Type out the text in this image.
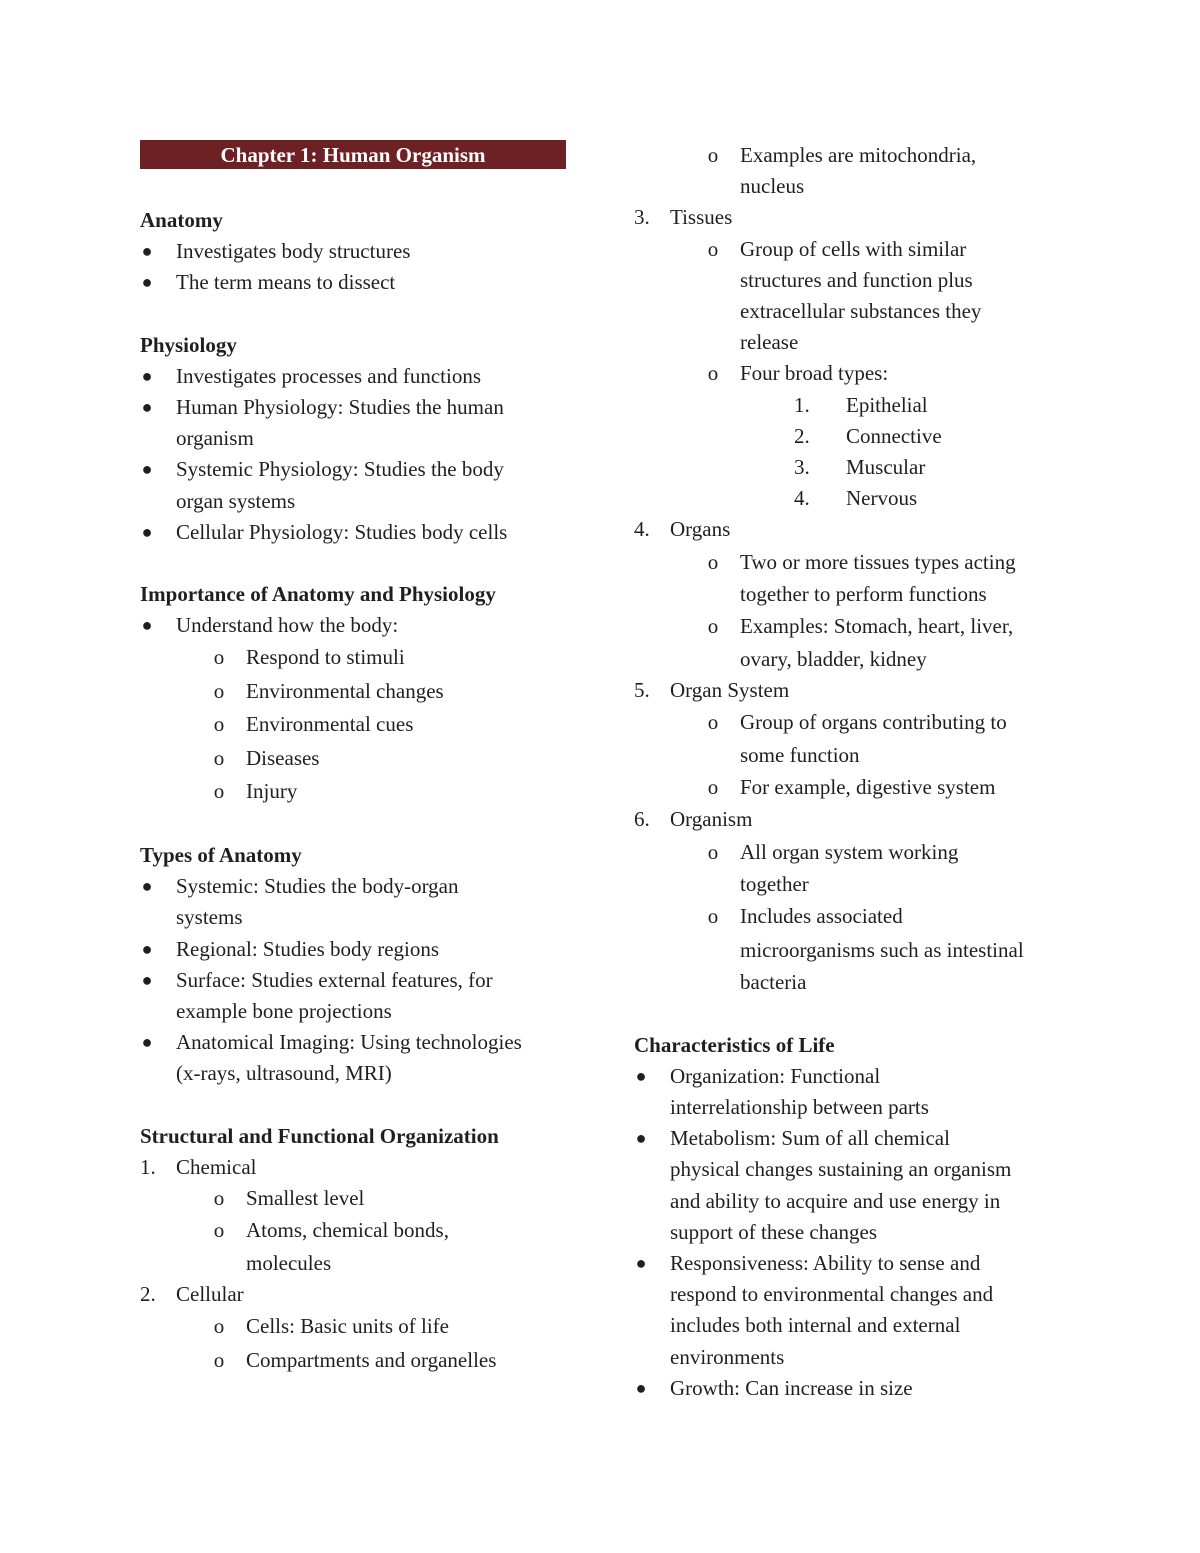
Chapter 1: Human Organism
Anatomy
● Investigates body structures
● The term means to dissect
Physiology
● Investigates processes and functions
● Human Physiology: Studies the human
organism
● Systemic Physiology: Studies the body
organ systems
● Cellular Physiology: Studies body cells
Importance of Anatomy and Physiology
● Understand how the body:
o Respond to stimuli
o Environmental changes
o Environmental cues
o Diseases
o Injury
Types of Anatomy
● Systemic: Studies the body-organ
systems
● Regional: Studies body regions
● Surface: Studies external features, for
example bone projections
● Anatomical Imaging: Using technologies
(x-rays, ultrasound, MRI)
Structural and Functional Organization
1. Chemical
o Smallest level
o Atoms, chemical bonds,
molecules
2. Cellular
o Cells: Basic units of life
o Compartments and organelles
o Examples are mitochondria,
nucleus
3. Tissues
o Group of cells with similar
structures and function plus
extracellular substances they
release
o Four broad types:
1. Epithelial
2. Connective
3. Muscular
4. Nervous
4. Organs
o Two or more tissues types acting
together to perform functions
o Examples: Stomach, heart, liver,
ovary, bladder, kidney
5. Organ System
o Group of organs contributing to
some function
o For example, digestive system
6. Organism
o All organ system working
together
o Includes associated
microorganisms such as intestinal
bacteria
Characteristics of Life
● Organization: Functional
interrelationship between parts
● Metabolism: Sum of all chemical
physical changes sustaining an organism
and ability to acquire and use energy in
support of these changes
● Responsiveness: Ability to sense and
respond to environmental changes and
includes both internal and external
environments
● Growth: Can increase in size
